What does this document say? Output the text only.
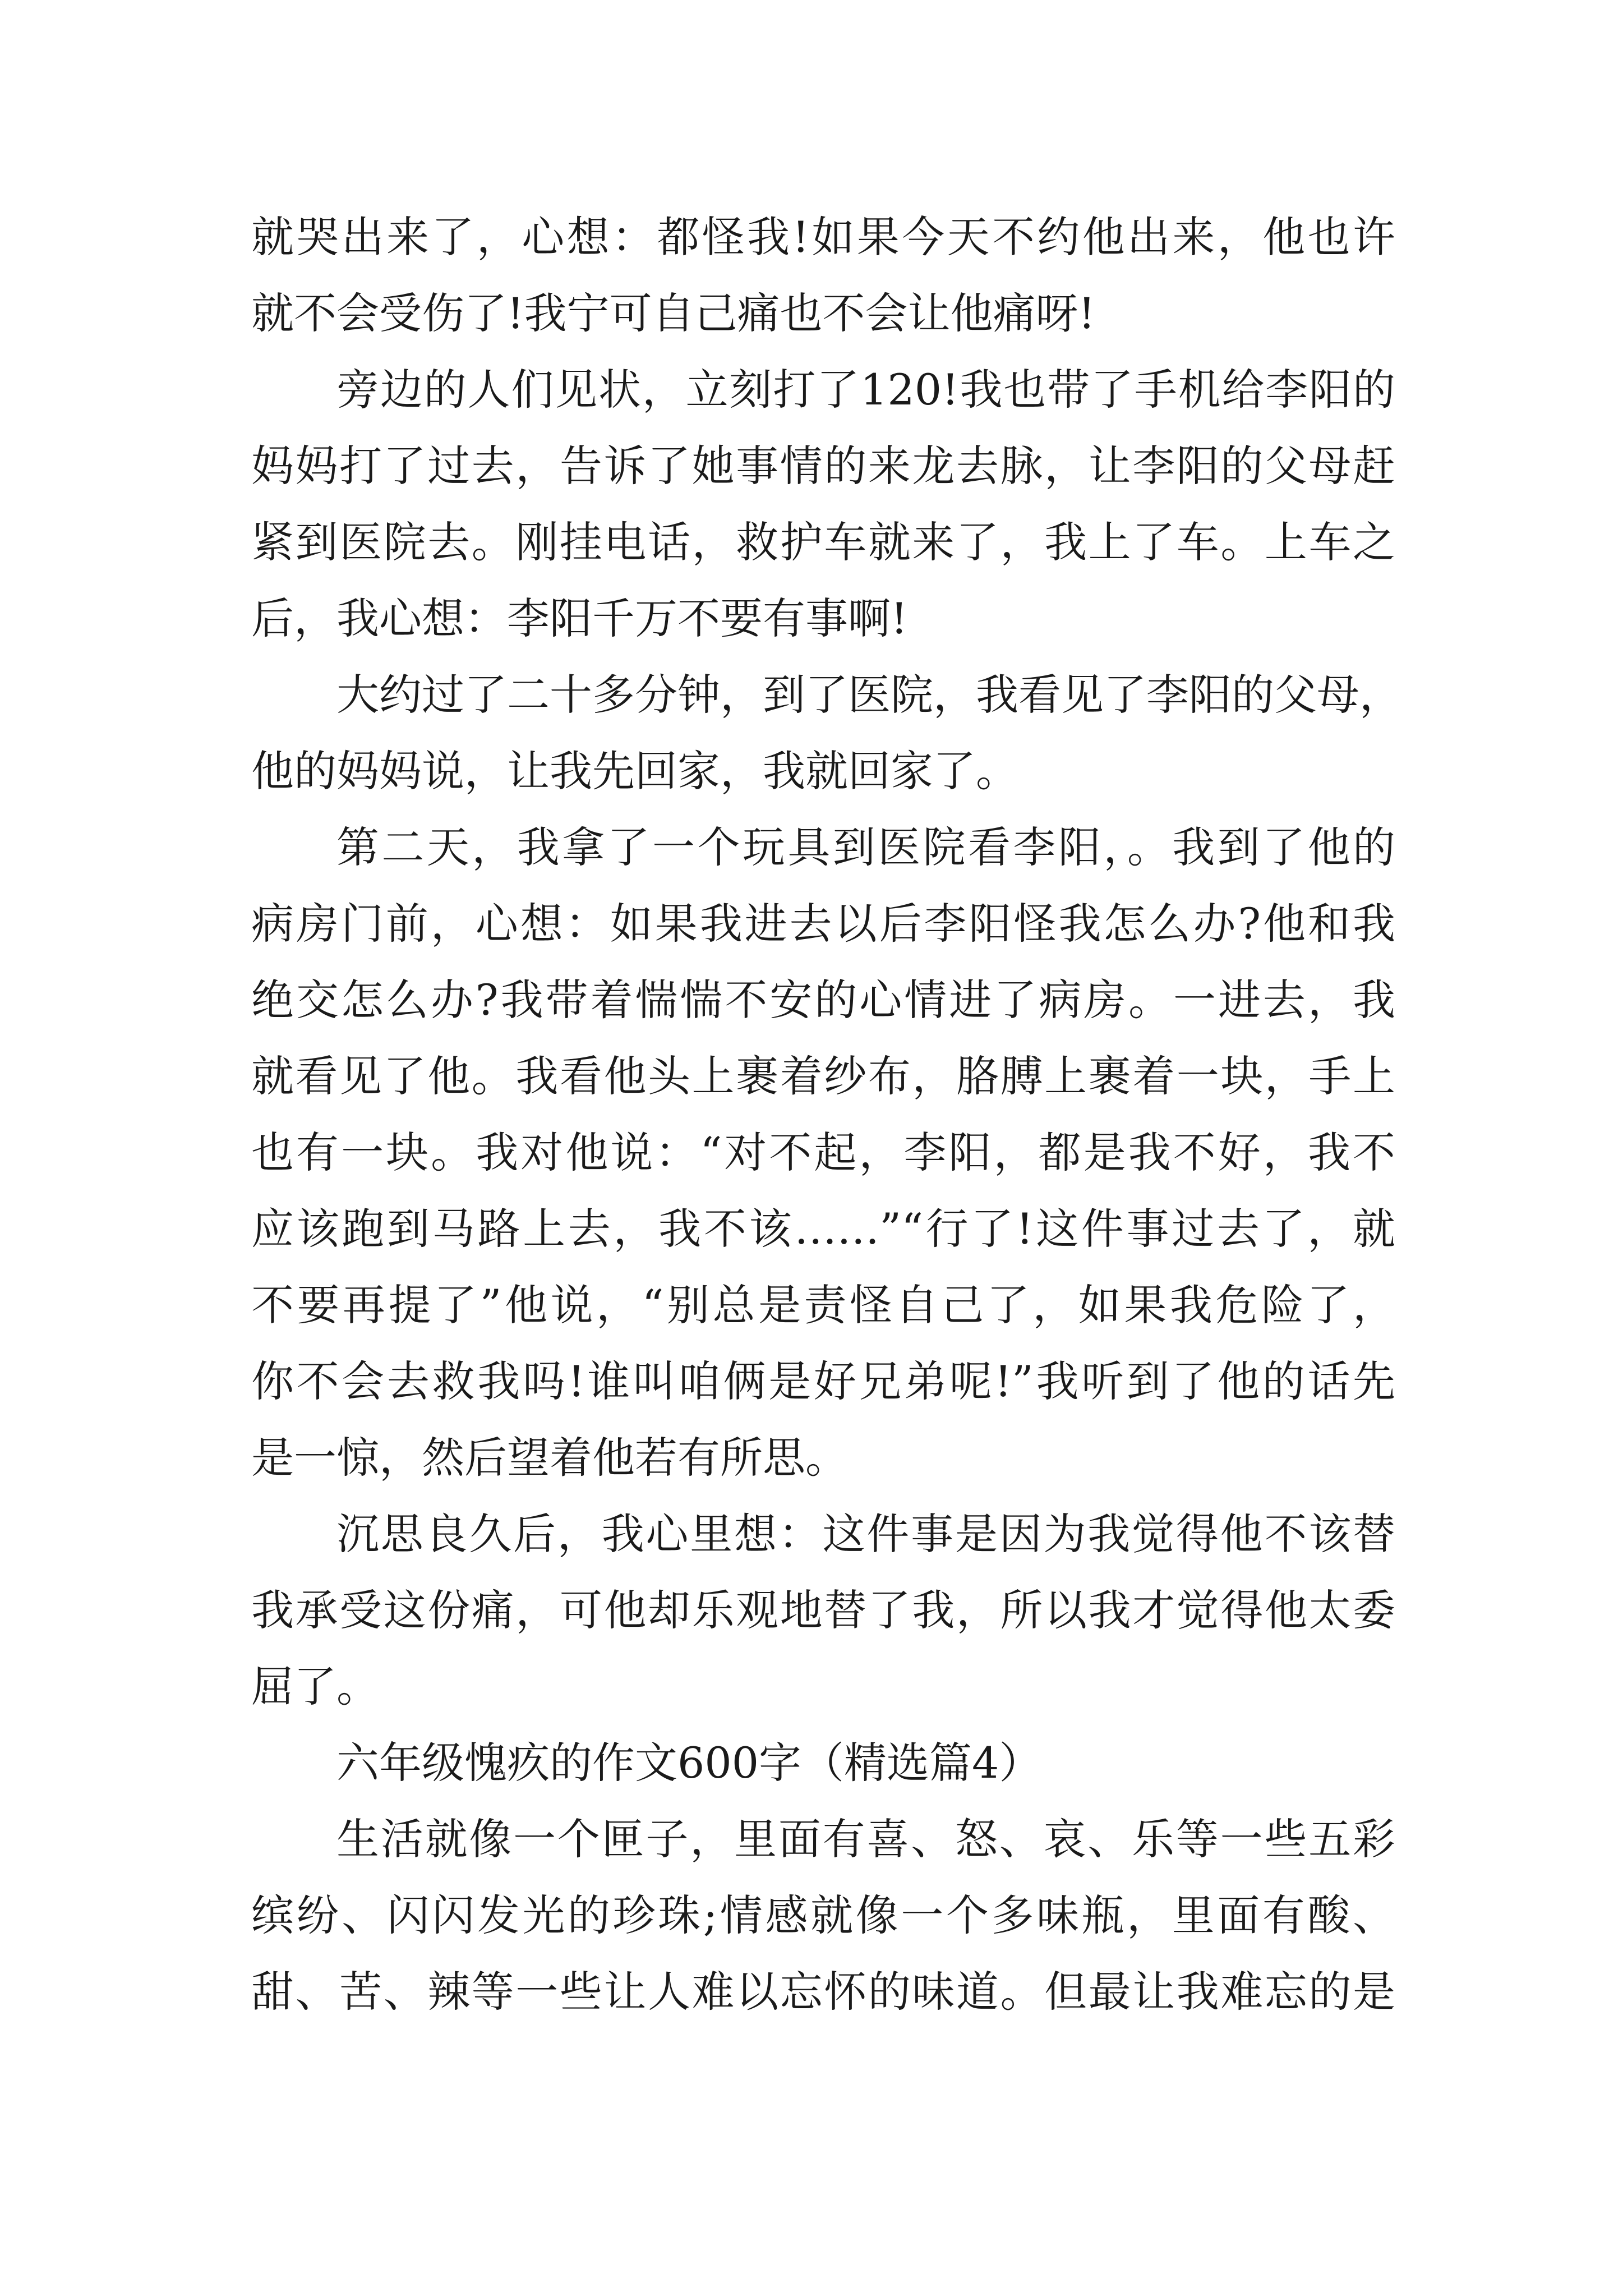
就哭出来了，心想：都怪我!如果今天不约他出来，他也许
就不会受伤了!我宁可自己痛也不会让他痛呀!
旁边的人们见状，立刻打了120!我也带了手机给李阳的
妈妈打了过去，告诉了她事情的来龙去脉，让李阳的父母赶
紧到医院去。刚挂电话，救护车就来了，我上了车。上车之
后，我心想：李阳千万不要有事啊!
大约过了二十多分钟，到了医院，我看见了李阳的父母，
他的妈妈说，让我先回家，我就回家了。
第二天，我拿了一个玩具到医院看李阳，。我到了他的
病房门前，心想：如果我进去以后李阳怪我怎么办?他和我
绝交怎么办?我带着惴惴不安的心情进了病房。一进去，我
就看见了他。我看他头上裹着纱布，胳膊上裹着一块，手上
也有一块。我对他说：“对不起，李阳，都是我不好，我不
应该跑到马路上去，我不该……”“行了!这件事过去了，就
不要再提了”他说，“别总是责怪自己了，如果我危险了，
你不会去救我吗!谁叫咱俩是好兄弟呢!”我听到了他的话先
是一惊，然后望着他若有所思。
沉思良久后，我心里想：这件事是因为我觉得他不该替
我承受这份痛，可他却乐观地替了我，所以我才觉得他太委
屈了。
六年级愧疚的作文600字（精选篇4）
生活就像一个匣子，里面有喜、怒、哀、乐等一些五彩
缤纷、闪闪发光的珍珠;情感就像一个多味瓶，里面有酸、
甜、苦、辣等一些让人难以忘怀的味道。但最让我难忘的是
